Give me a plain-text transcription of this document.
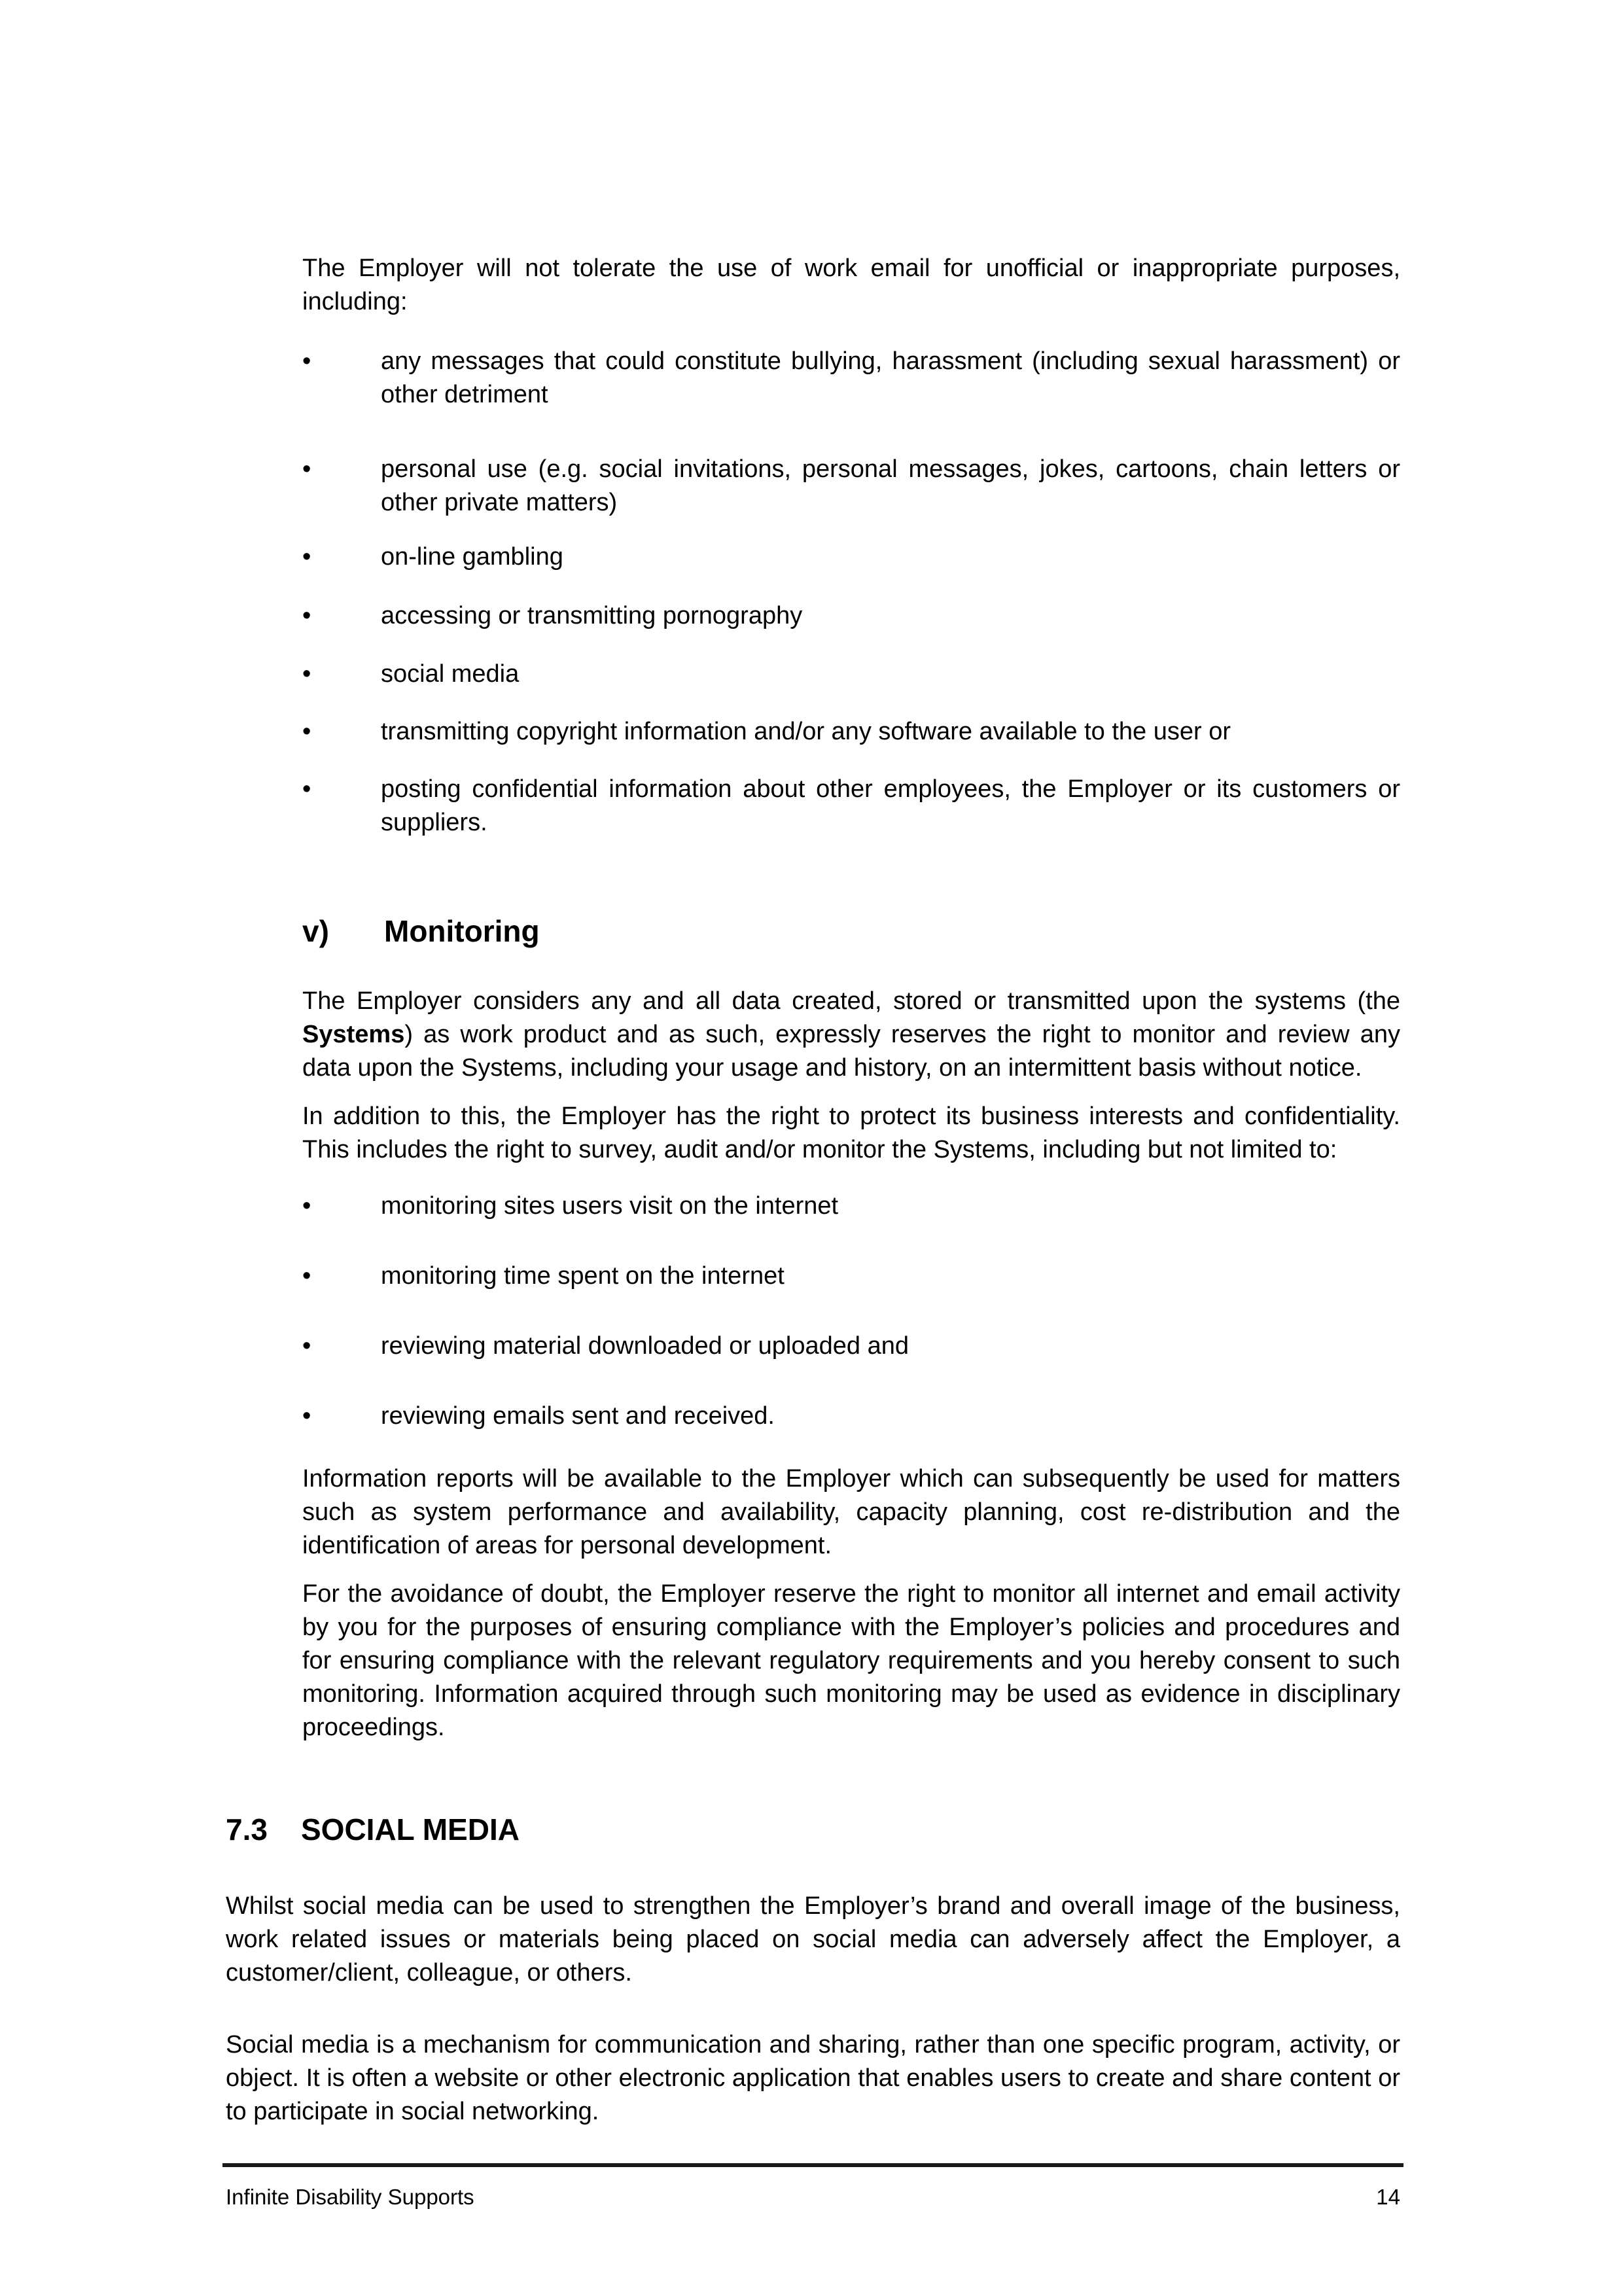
The Employer will not tolerate the use of work email for unofficial or inappropriate purposes, including:

•	any messages that could constitute bullying, harassment (including sexual harassment) or other detriment
•	personal use (e.g. social invitations, personal messages, jokes, cartoons, chain letters or other private matters)
•	on-line gambling
•	accessing or transmitting pornography
•	social media
•	transmitting copyright information and/or any software available to the user or
•	posting confidential information about other employees, the Employer or its customers or suppliers.
v) Monitoring

The Employer considers any and all data created, stored or transmitted upon the systems (the Systems) as work product and as such, expressly reserves the right to monitor and review any data upon the Systems, including your usage and history, on an intermittent basis without notice.

In addition to this, the Employer has the right to protect its business interests and confidentiality. This includes the right to survey, audit and/or monitor the Systems, including but not limited to:

•	monitoring sites users visit on the internet
•	monitoring time spent on the internet
•	reviewing material downloaded or uploaded and
•	reviewing emails sent and received.

Information reports will be available to the Employer which can subsequently be used for matters such as system performance and availability, capacity planning, cost re-distribution and the identification of areas for personal development.

For the avoidance of doubt, the Employer reserve the right to monitor all internet and email activity by you for the purposes of ensuring compliance with the Employer’s policies and procedures and for ensuring compliance with the relevant regulatory requirements and you hereby consent to such monitoring. Information acquired through such monitoring may be used as evidence in disciplinary proceedings.

7.3 SOCIAL MEDIA

Whilst social media can be used to strengthen the Employer’s brand and overall image of the business, work related issues or materials being placed on social media can adversely affect the Employer, a customer/client, colleague, or others.

Social media is a mechanism for communication and sharing, rather than one specific program, activity, or object. It is often a website or other electronic application that enables users to create and share content or to participate in social networking.

Infinite Disability Supports	14
